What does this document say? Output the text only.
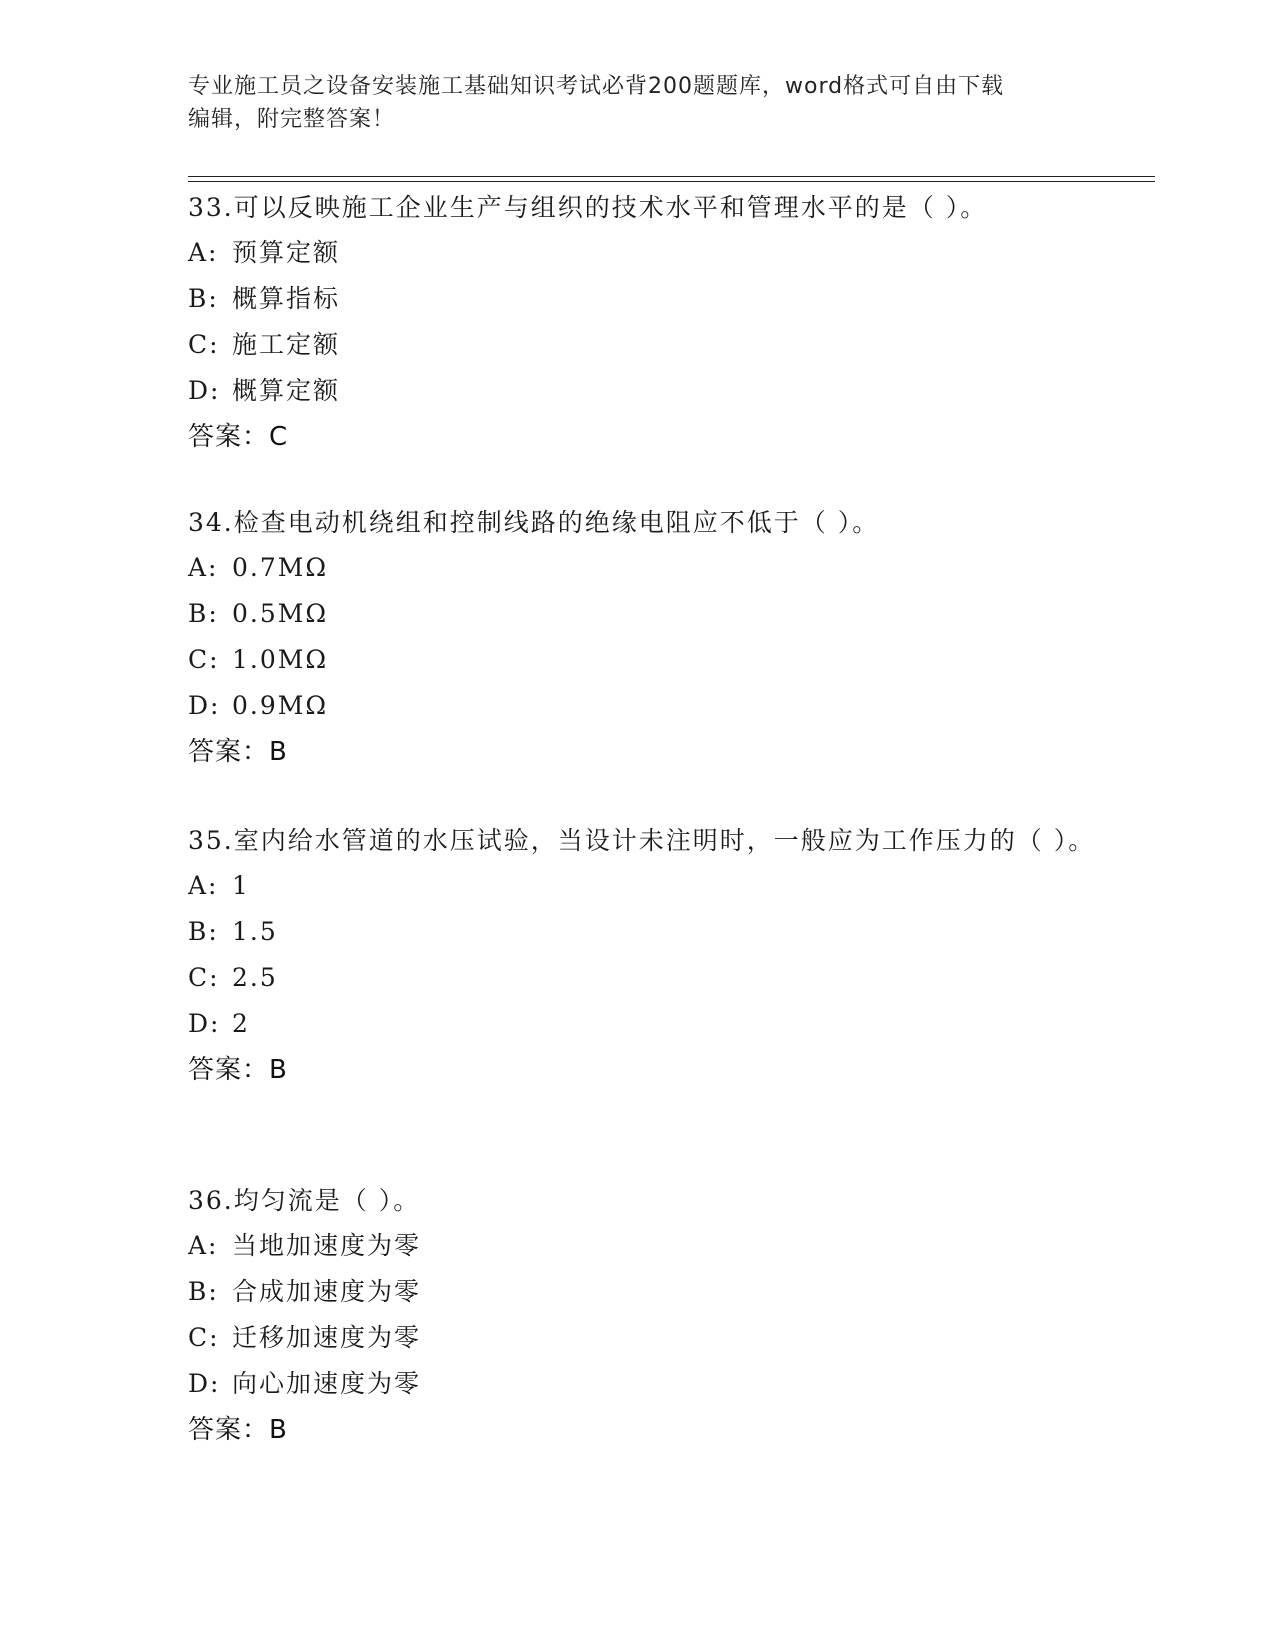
专业施工员之设备安装施工基础知识考试必背200题题库，word格式可自由下载
编辑，附完整答案！
33.可以反映施工企业生产与组织的技术水平和管理水平的是（ ）。
A: 预算定额
B: 概算指标
C: 施工定额
D: 概算定额
答案：C
34.检查电动机绕组和控制线路的绝缘电阻应不低于（ ）。
A: 0.7MΩ
B: 0.5MΩ
C: 1.0MΩ
D: 0.9MΩ
答案：B
35.室内给水管道的水压试验，当设计未注明时，一般应为工作压力的（ ）。
A: 1
B: 1.5
C: 2.5
D: 2
答案：B
36.均匀流是（ ）。
A: 当地加速度为零
B: 合成加速度为零
C: 迁移加速度为零
D: 向心加速度为零
答案：B
